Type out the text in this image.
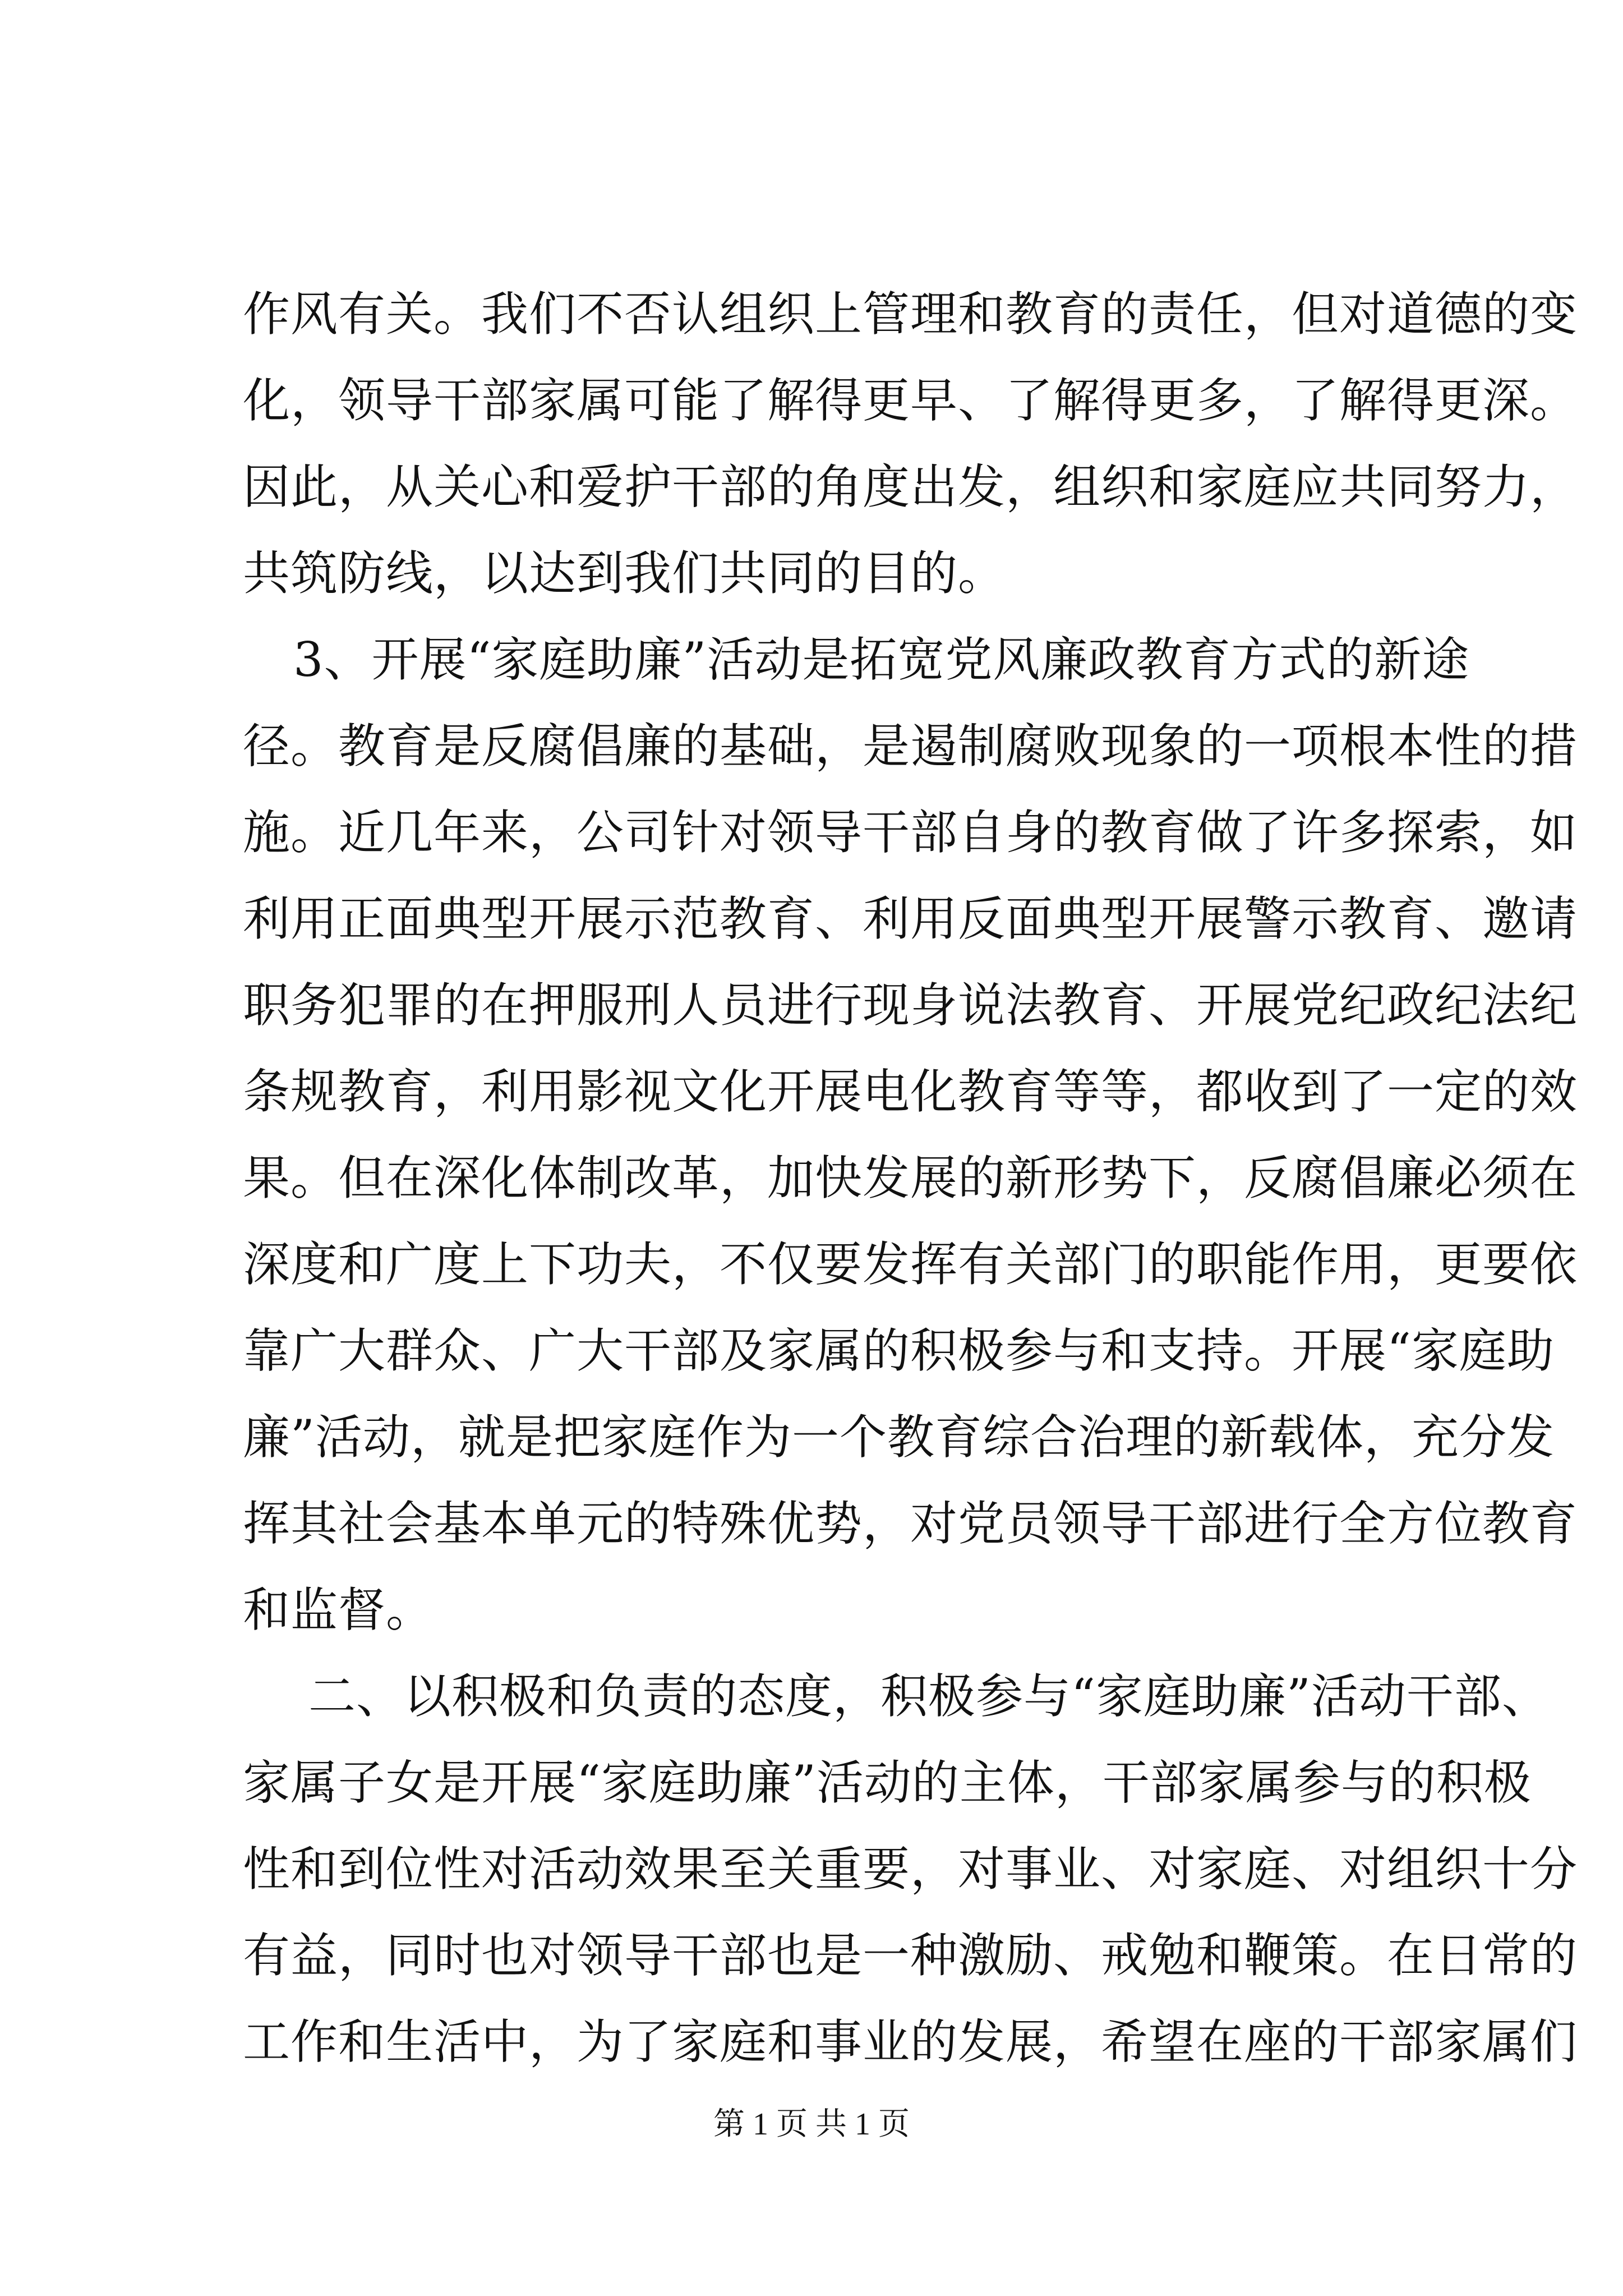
作风有关。我们不否认组织上管理和教育的责任，但对道德的变
化，领导干部家属可能了解得更早、了解得更多，了解得更深。
因此，从关心和爱护干部的角度出发，组织和家庭应共同努力，
共筑防线，以达到我们共同的目的。
3、开展“家庭助廉”活动是拓宽党风廉政教育方式的新途
径。教育是反腐倡廉的基础，是遏制腐败现象的一项根本性的措
施。近几年来，公司针对领导干部自身的教育做了许多探索，如
利用正面典型开展示范教育、利用反面典型开展警示教育、邀请
职务犯罪的在押服刑人员进行现身说法教育、开展党纪政纪法纪
条规教育，利用影视文化开展电化教育等等，都收到了一定的效
果。但在深化体制改革，加快发展的新形势下，反腐倡廉必须在
深度和广度上下功夫，不仅要发挥有关部门的职能作用，更要依
靠广大群众、广大干部及家属的积极参与和支持。开展“家庭助
廉”活动，就是把家庭作为一个教育综合治理的新载体，充分发
挥其社会基本单元的特殊优势，对党员领导干部进行全方位教育
和监督。
二、以积极和负责的态度，积极参与“家庭助廉”活动干部、
家属子女是开展“家庭助廉”活动的主体，干部家属参与的积极
性和到位性对活动效果至关重要，对事业、对家庭、对组织十分
有益，同时也对领导干部也是一种激励、戒勉和鞭策。在日常的
工作和生活中，为了家庭和事业的发展，希望在座的干部家属们
第 1 页 共 1 页
